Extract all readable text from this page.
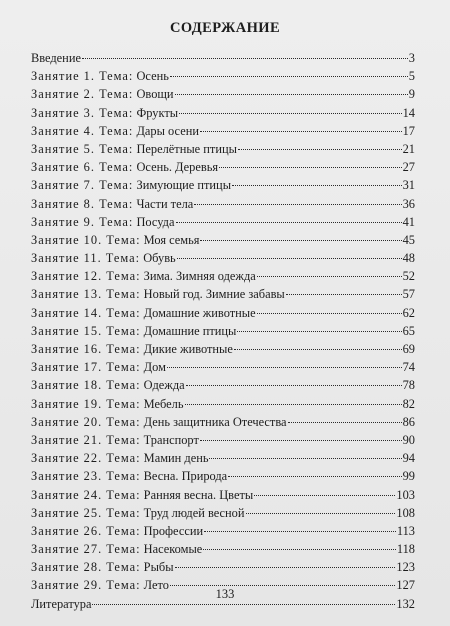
СОДЕРЖАНИЕ
Введение	3
Занятие 1. Тема: Осень	5
Занятие 2. Тема: Овощи	9
Занятие 3. Тема: Фрукты	14
Занятие 4. Тема: Дары осени	17
Занятие 5. Тема: Перелётные птицы	21
Занятие 6. Тема: Осень. Деревья	27
Занятие 7. Тема: Зимующие птицы	31
Занятие 8. Тема: Части тела	36
Занятие 9. Тема: Посуда	41
Занятие 10. Тема: Моя семья	45
Занятие 11. Тема: Обувь	48
Занятие 12. Тема: Зима. Зимняя одежда	52
Занятие 13. Тема: Новый год. Зимние забавы	57
Занятие 14. Тема: Домашние животные	62
Занятие 15. Тема: Домашние птицы	65
Занятие 16. Тема: Дикие животные	69
Занятие 17. Тема: Дом	74
Занятие 18. Тема: Одежда	78
Занятие 19. Тема: Мебель	82
Занятие 20. Тема: День защитника Отечества	86
Занятие 21. Тема: Транспорт	90
Занятие 22. Тема: Мамин день	94
Занятие 23. Тема: Весна. Природа	99
Занятие 24. Тема: Ранняя весна. Цветы	103
Занятие 25. Тема: Труд людей весной	108
Занятие 26. Тема: Профессии	113
Занятие 27. Тема: Насекомые	118
Занятие 28. Тема: Рыбы	123
Занятие 29. Тема: Лето	127
Литература	132
133
